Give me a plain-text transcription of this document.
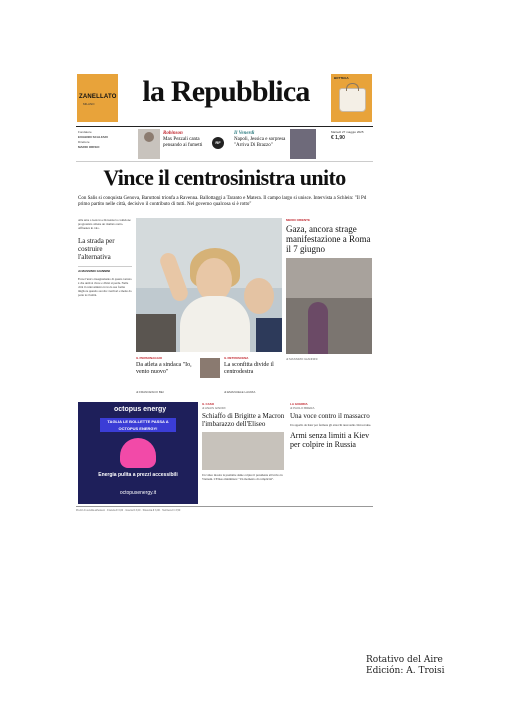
ZANELLATO
MILANO la Repubblica	BOTTEGA
Fondatore
EUGENIO SCALFARI
Direttore
MARIO ORFEO
Robinson
Max Pezzali canta pensando ai fumetti
RF
Il Venerdì
Napoli, Jessica e sorpresa "Arriva Di Brazzo"
Martedì 27 maggio 2025
€ 1,90
Vince il centrosinistra unito
Con Salis si conquista Genova, Baruttoni trionfa a Ravenna. Ballottaggi a Taranto e Matera. Il campo largo si unisce. Intervista a Schlein: "Il Pd primo partito nelle città, decisivo il contributo di tutti. Nel governo qualcosa si è rotto"
Alle urne a Genova e Ravenna la coalizione progressista ottiene un risultato netto. Affluenza in calo.
La strada per costruire l'alternativa
di MASSIMO GIANNINI
Forse l'unico insegnamento di questa tornata è che uniti si vince e divisi si perde. Nelle città il centrosinistra trova la sua forma migliore quando ascolta i territori e mette da parte le rivalità.
IL PERSONAGGIO
Da atleta a sindaca "Io, vento nuovo"
di FRANCESCO BEI
IL RETROSCENA
La sconfitta divide il centrodestra
di EMANUELE LAURIA
MEDIO ORIENTE
Gaza, ancora strage manifestazione a Roma il 7 giugno
di MASSIMO GIANNINI
octopus energy
TAGLIA LE BOLLETTE PASSA A OCTOPUS ENERGY!
Energia pulita a prezzi accessibili
octopusenergy.it
IL CASO
di ANAIS GINORI
Schiaffo di Brigitte a Macron l'imbarazzo dell'Eliseo
Un video mostra la première dame colpire il presidente all'arrivo in Vietnam. L'Eliseo minimizza: "Un momento di complicità".
LA GUERRA
di PAOLO BRERA
Una voce contro il massacro
Un appello da Kiev per fermare gli attacchi russi sulle città ucraine.
Armi senza limiti a Kiev per colpire in Russia
Prezzi di vendita all'estero · Francia € 3,00 · Grecia € 3,00 · Slovenia € 3,00 · Svizzera Fr 3,50
Rotativo del Aire
Edición: A. Troisi
